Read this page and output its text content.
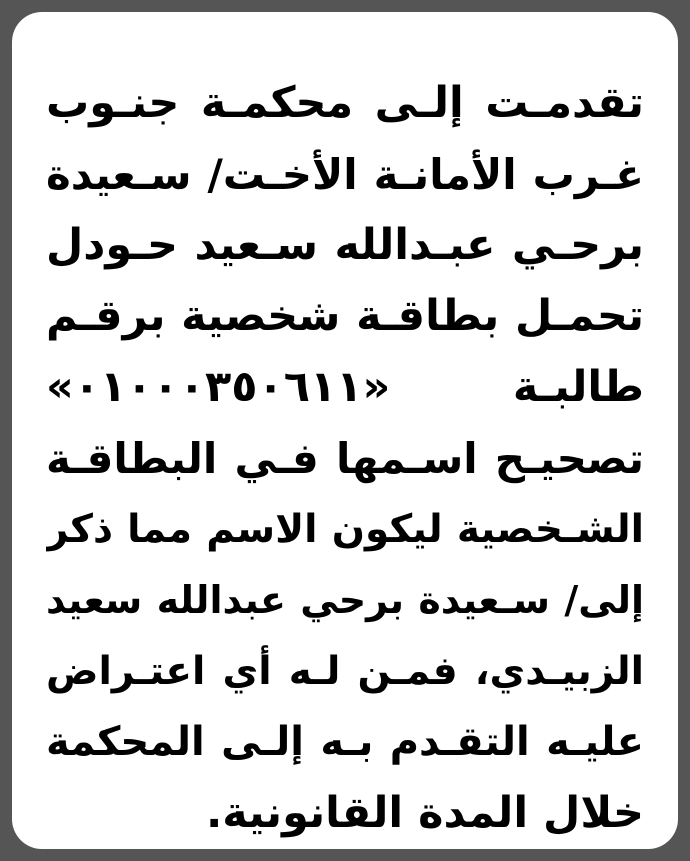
تقدمـت إلـى محكمـة جنـوب
غـرب الأمانـة الأخـت/ سـعيدة
برحـي عبـدالله سـعيد حـودل
تحمـل بطاقـة شخصية برقـم
طالبـة
«٠١٠٠٠٣٥٠٦١١»
تصحيـح اسـمها فـي البطاقـة
الشـخصية ليكون الاسم مما ذكر
إلى/ سـعيدة برحي عبدالله سعيد
الزبيـدي، فمـن لـه أي اعتـراض
عليـه التقـدم بـه إلـى المحكمة
خلال المدة القانونية.
